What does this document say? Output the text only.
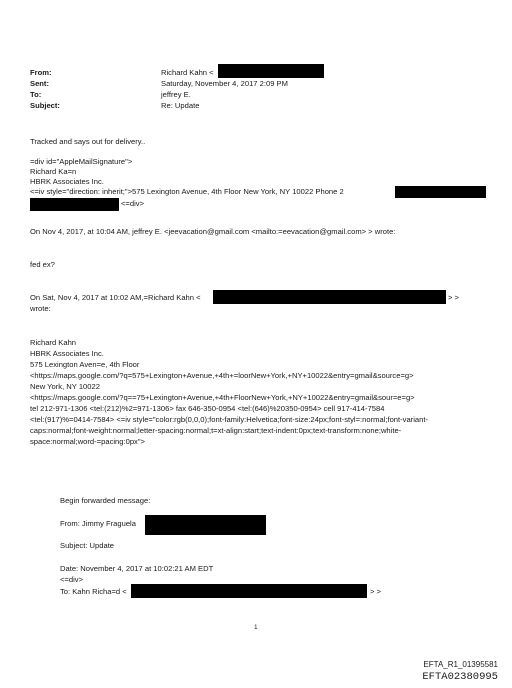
From:	Richard Kahn <
Sent:	Saturday, November 4, 2017 2:09 PM
To:	jeffrey E.
Subject:	Re: Update
Tracked and says out for delivery..
=div id="AppleMailSignature">
Richard Ka=n
HBRK Associates Inc.
<=iv style="direction: inherit;">575 Lexington Avenue, 4th Floor New York, NY 10022 Phone 2
<=div>
On Nov 4, 2017, at 10:04 AM, jeffrey E. <jeevacation@gmail.com <mailto:=eevacation@gmail.com> > wrote:
fed ex?
On Sat, Nov 4, 2017 at 10:02 AM,=Richard Kahn <	> >
wrote:
Richard Kahn
HBRK Associates Inc.
575 Lexington Aven=e, 4th Floor
<https://maps.google.com/?q=575+Lexington+Avenue,+4th+=loorNew+York,+NY+10022&entry=gmail&source=g>
New York, NY 10022
<https://maps.google.com/?q==75+Lexington+Avenue,+4th+FloorNew+York,+NY+10022&entry=gmail&sour=e=g>
tel 212-971-1306 <tel:(212)%2=971-1306> fax 646-350-0954 <tel:(646)%20350-0954> cell 917-414-7584
<tel:(917)%=0414-7584> <=iv style="color:rgb(0,0,0);font-family:Helvetica;font-size:24px;font-styl=:normal;font-variant-
caps:normal;font-weight:normal;letter-spacing:normal;t=xt-align:start;text-indent:0px;text-transform:none;white-
space:normal;word-=pacing:0px">
Begin forwarded message:
From: Jimmy Fraguela
Subject: Update
Date: November 4, 2017 at 10:02:21 AM EDT
<=div>
To: Kahn Richa=d <	> >
1
EFTA_R1_01395581
EFTA02380995
